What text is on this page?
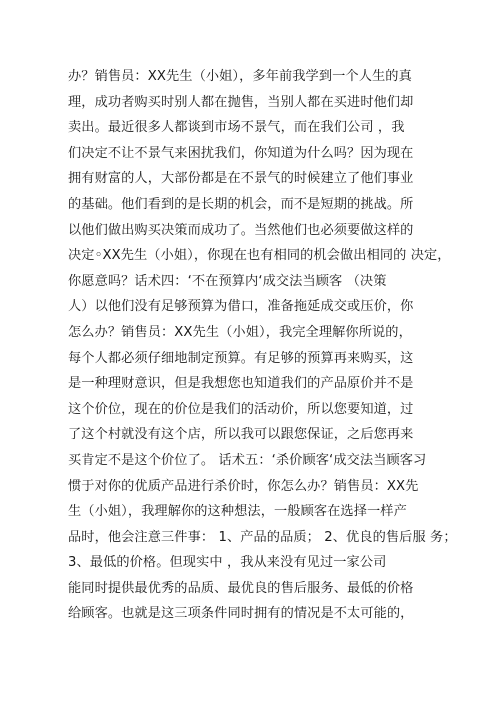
办？销售员：XX先生（小姐），多年前我学到一个人生的真
理，成功者购买时别人都在抛售，当别人都在买进时他们却
卖出。最近很多人都谈到市场不景气，而在我们公司 ，我
们决定不让不景气来困扰我们，你知道为什么吗？因为现在
拥有财富的人，大部份都是在不景气的时候建立了他们事业
的基础。他们看到的是长期的机会，而不是短期的挑战。所
以他们做出购买决策而成功了。当然他们也必须要做这样的
决定◦XX先生（小姐），你现在也有相同的机会做出相同的 决定，
你愿意吗？话术四：‘不在预算内‘成交法当顾客 （决策
人）以他们没有足够预算为借口，准备拖延成交或压价，你
怎么办？销售员：XX先生（小姐），我完全理解你所说的，
每个人都必须仔细地制定预算。有足够的预算再来购买，这
是一种理财意识，但是我想您也知道我们的产品原价并不是
这个价位，现在的价位是我们的活动价，所以您要知道，过
了这个村就没有这个店，所以我可以跟您保证，之后您再来
买肯定不是这个价位了。 话术五：‘杀价顾客‘成交法当顾客习
惯于对你的优质产品进行杀价时，你怎么办？销售员：XX先
生（小姐），我理解你的这种想法，一般顾客在选择一样产
品时，他会注意三件事： 1、产品的品质； 2、优良的售后服 务；
3、最低的价格。但现实中 ，我从来没有见过一家公司
能同时提供最优秀的品质、最优良的售后服务、最低的价格
给顾客。也就是这三项条件同时拥有的情况是不太可能的，
